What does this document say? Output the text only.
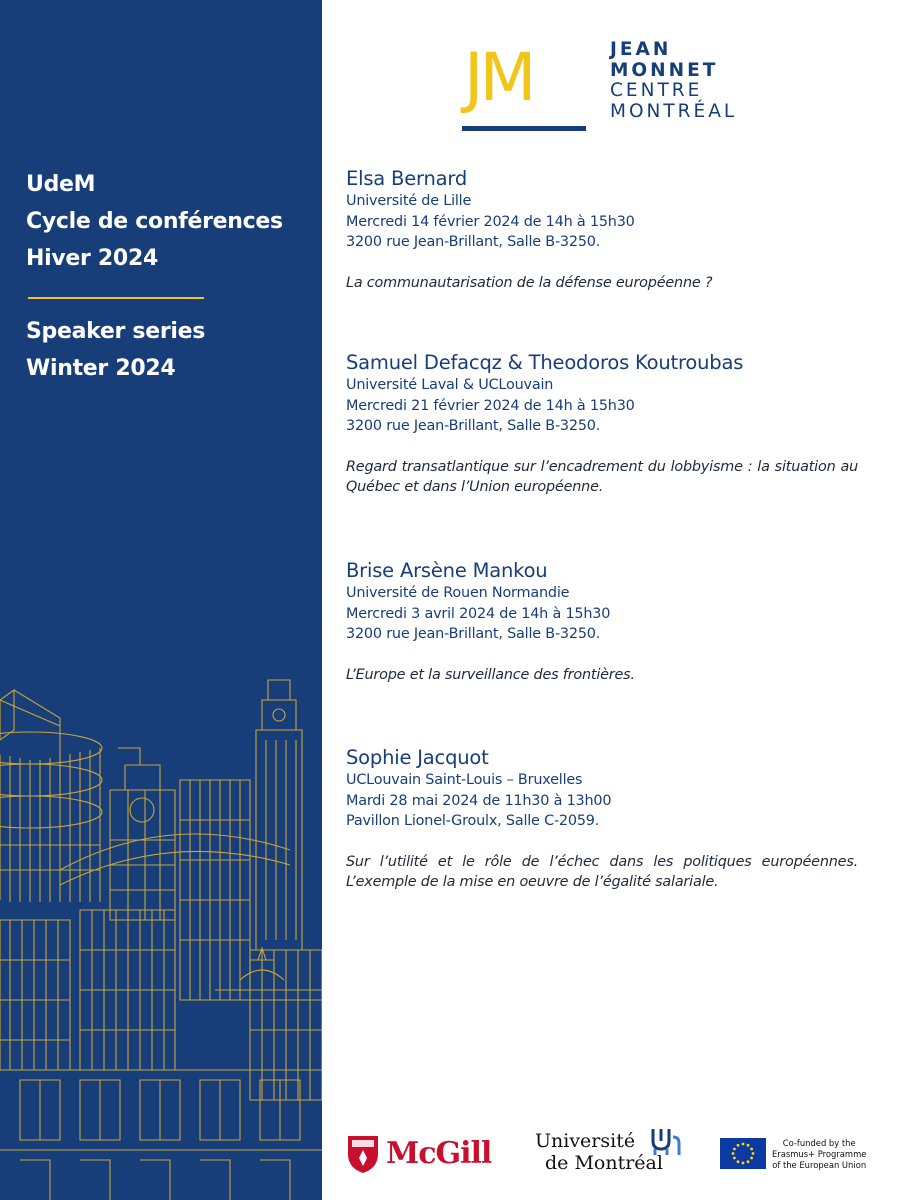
UdeM
Cycle de conférences
Hiver 2024
Speaker series
Winter 2024
JM	JEAN
MONNET
CENTRE
MONTRÉAL
Elsa Bernard
Université de Lille
Mercredi 14 février 2024 de 14h à 15h30
3200 rue Jean-Brillant, Salle B-3250.
La communautarisation de la défense européenne ?
Samuel Defacqz & Theodoros Koutroubas
Université Laval & UCLouvain
Mercredi 21 février 2024 de 14h à 15h30
3200 rue Jean-Brillant, Salle B-3250.
Regard transatlantique sur l’encadrement du lobbyisme : la situation au Québec et dans l’Union européenne.
Brise Arsène Mankou
Université de Rouen Normandie
Mercredi 3 avril 2024 de 14h à 15h30
3200 rue Jean-Brillant, Salle B-3250.
L’Europe et la surveillance des frontières.
Sophie Jacquot
UCLouvain Saint-Louis – Bruxelles
Mardi 28 mai 2024 de 11h30 à 13h00
Pavillon Lionel-Groulx, Salle C-2059.
Sur l’utilité et le rôle de l’échec dans les politiques européennes. L’exemple de la mise en oeuvre de l’égalité salariale.
McGill Université
de Montréal
Co-funded by the
Erasmus+ Programme
of the European Union
